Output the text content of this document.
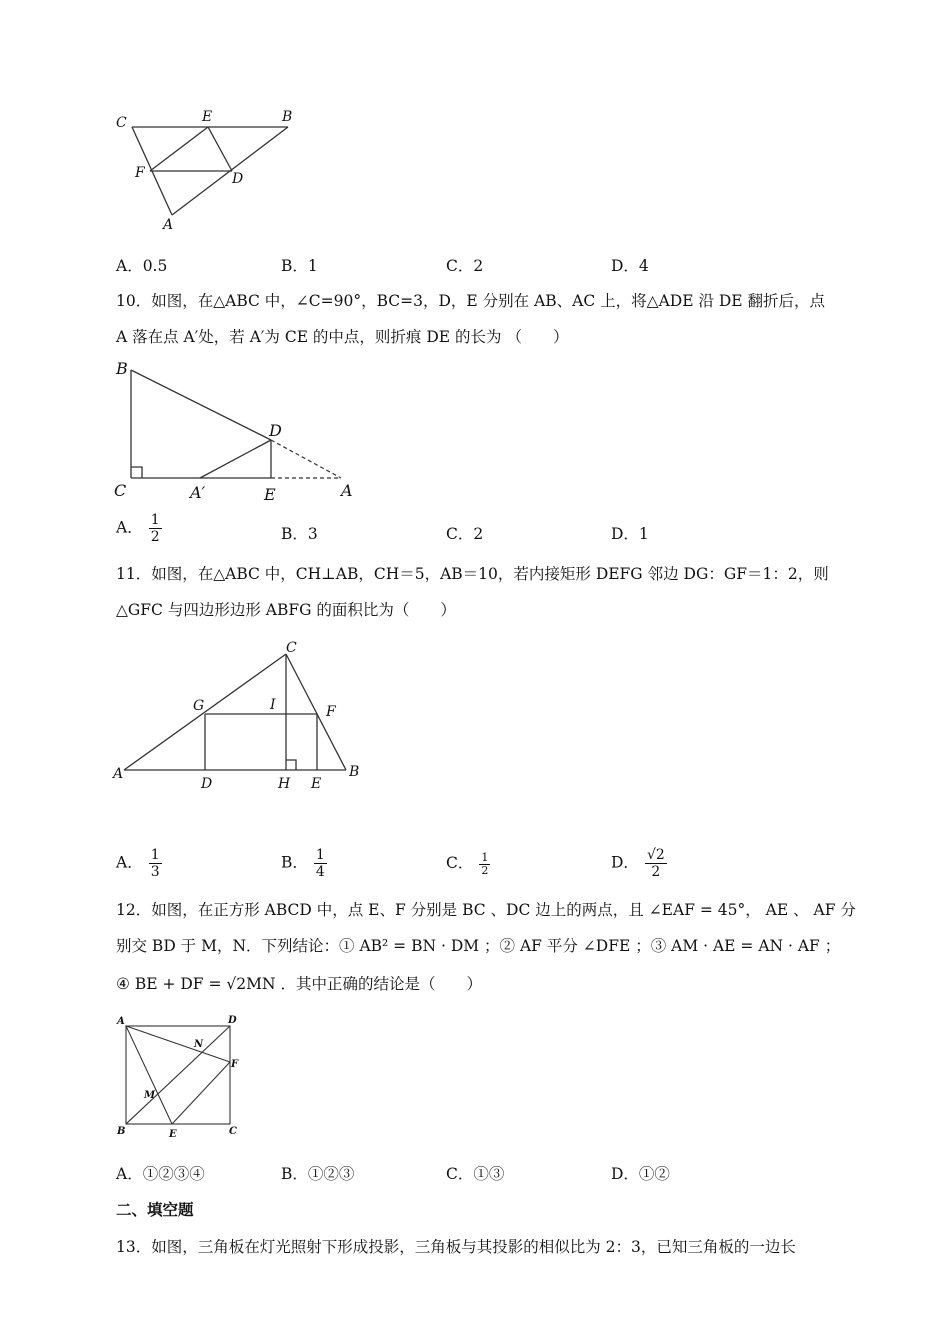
C	E	B
F	D
A
A．0.5	B．1	C．2	D．4
10．如图，在△ABC 中，∠C=90°，BC=3，D，E 分别在 AB、AC 上，将△ADE 沿 DE 翻折后，点
A 落在点 A′处，若 A′为 CE 的中点，则折痕 DE 的长为 （　　）
B
D
C	A′	E	A
A． $\frac{1}{2}$	B．3	C．2	D．1
11．如图，在△ABC 中，CH⊥AB，CH＝5，AB＝10，若内接矩形 DEFG 邻边 DG：GF＝1：2，则
△GFC 与四边形边形 ABFG 的面积比为（　　）
C
G	I	F
A
D	H E
B
A． $\frac{1}{3}$	B． $\frac{1}{4}$	C． $\frac{1}{2}$	D． $\frac{√2}{2}$
12．如图，在正方形 ABCD 中，点 E、F 分别是 BC 、DC 边上的两点，且 ∠EAF = 45°， AE 、 AF 分
别交 BD 于 M，N．下列结论：① AB² = BN · DM ；② AF 平分 ∠DFE ；③ AM · AE = AN · AF ；
④ BE + DF = √2MN ．其中正确的结论是（　　）
A	D
N
F
M
B	E	C
A．①②③④	B．①②③	C．①③	D．①②
二、填空题
13．如图，三角板在灯光照射下形成投影，三角板与其投影的相似比为 2：3，已知三角板的一边长
